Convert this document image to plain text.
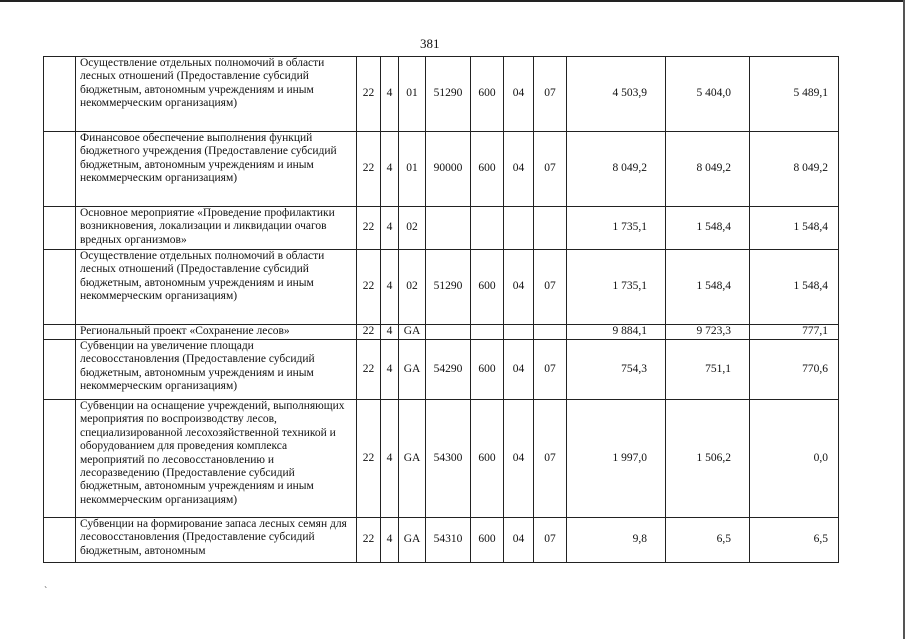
381
	Осуществление отдельных полномочий в области лесных отношений (Предоставление субсидий бюджетным, автономным учреждениям и иным некоммерческим организациям)	22	4	01	51290	600	04	07	4 503,9	5 404,0	5 489,1
	Финансовое обеспечение выполнения функций бюджетного учреждения (Предоставление субсидий бюджетным, автономным учреждениям и иным некоммерческим организациям)	22	4	01	90000	600	04	07	8 049,2	8 049,2	8 049,2
	Основное мероприятие «Проведение профилактики возникновения, локализации и ликвидации очагов вредных организмов»	22	4	02					1 735,1	1 548,4	1 548,4
	Осуществление отдельных полномочий в области лесных отношений (Предоставление субсидий бюджетным, автономным учреждениям и иным некоммерческим организациям)	22	4	02	51290	600	04	07	1 735,1	1 548,4	1 548,4
	Региональный проект «Сохранение лесов»	22	4	GA					9 884,1	9 723,3	777,1
	Субвенции на увеличение площади лесовосстановления (Предоставление субсидий бюджетным, автономным учреждениям и иным некоммерческим организациям)	22	4	GA	54290	600	04	07	754,3	751,1	770,6
	Субвенции на оснащение учреждений, выполняющих мероприятия по воспроизводству лесов, специализированной лесохозяйственной техникой и оборудованием для проведения комплекса мероприятий по лесовосстановлению и лесоразведению (Предоставление субсидий бюджетным, автономным учреждениям и иным некоммерческим организациям)	22	4	GA	54300	600	04	07	1 997,0	1 506,2	0,0
	Субвенции на формирование запаса лесных семян для лесовосстановления (Предоставление субсидий бюджетным, автономным	22	4	GA	54310	600	04	07	9,8	6,5	6,5
`
